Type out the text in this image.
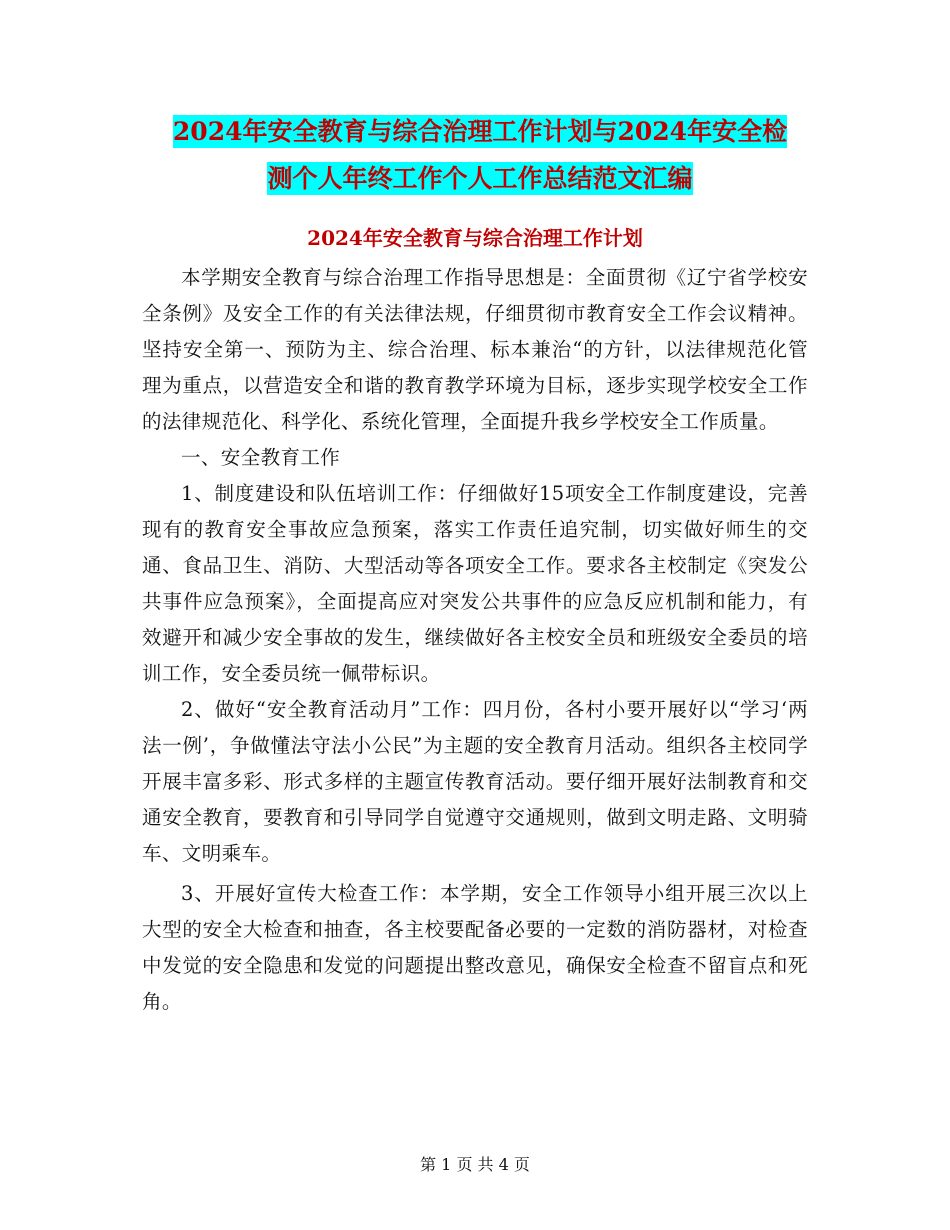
2024年安全教育与综合治理工作计划与2024年安全检
测个人年终工作个人工作总结范文汇编
2024年安全教育与综合治理工作计划

本学期安全教育与综合治理工作指导思想是：全面贯彻《辽宁省学校安全条例》及安全工作的有关法律法规，仔细贯彻市教育安全工作会议精神。坚持安全第一、预防为主、综合治理、标本兼治“的方针，以法律规范化管理为重点，以营造安全和谐的教育教学环境为目标，逐步实现学校安全工作的法律规范化、科学化、系统化管理，全面提升我乡学校安全工作质量。

一、安全教育工作

1、制度建设和队伍培训工作：仔细做好15项安全工作制度建设，完善现有的教育安全事故应急预案，落实工作责任追究制，切实做好师生的交通、食品卫生、消防、大型活动等各项安全工作。要求各主校制定《突发公共事件应急预案》，全面提高应对突发公共事件的应急反应机制和能力，有效避开和减少安全事故的发生，继续做好各主校安全员和班级安全委员的培训工作，安全委员统一佩带标识。

2、做好“安全教育活动月”工作：四月份，各村小要开展好以“学习‘两法一例’，争做懂法守法小公民”为主题的安全教育月活动。组织各主校同学开展丰富多彩、形式多样的主题宣传教育活动。要仔细开展好法制教育和交通安全教育，要教育和引导同学自觉遵守交通规则，做到文明走路、文明骑车、文明乘车。

3、开展好宣传大检查工作：本学期，安全工作领导小组开展三次以上大型的安全大检查和抽查，各主校要配备必要的一定数的消防器材，对检查中发觉的安全隐患和发觉的问题提出整改意见，确保安全检查不留盲点和死角。

第 1 页 共 4 页
